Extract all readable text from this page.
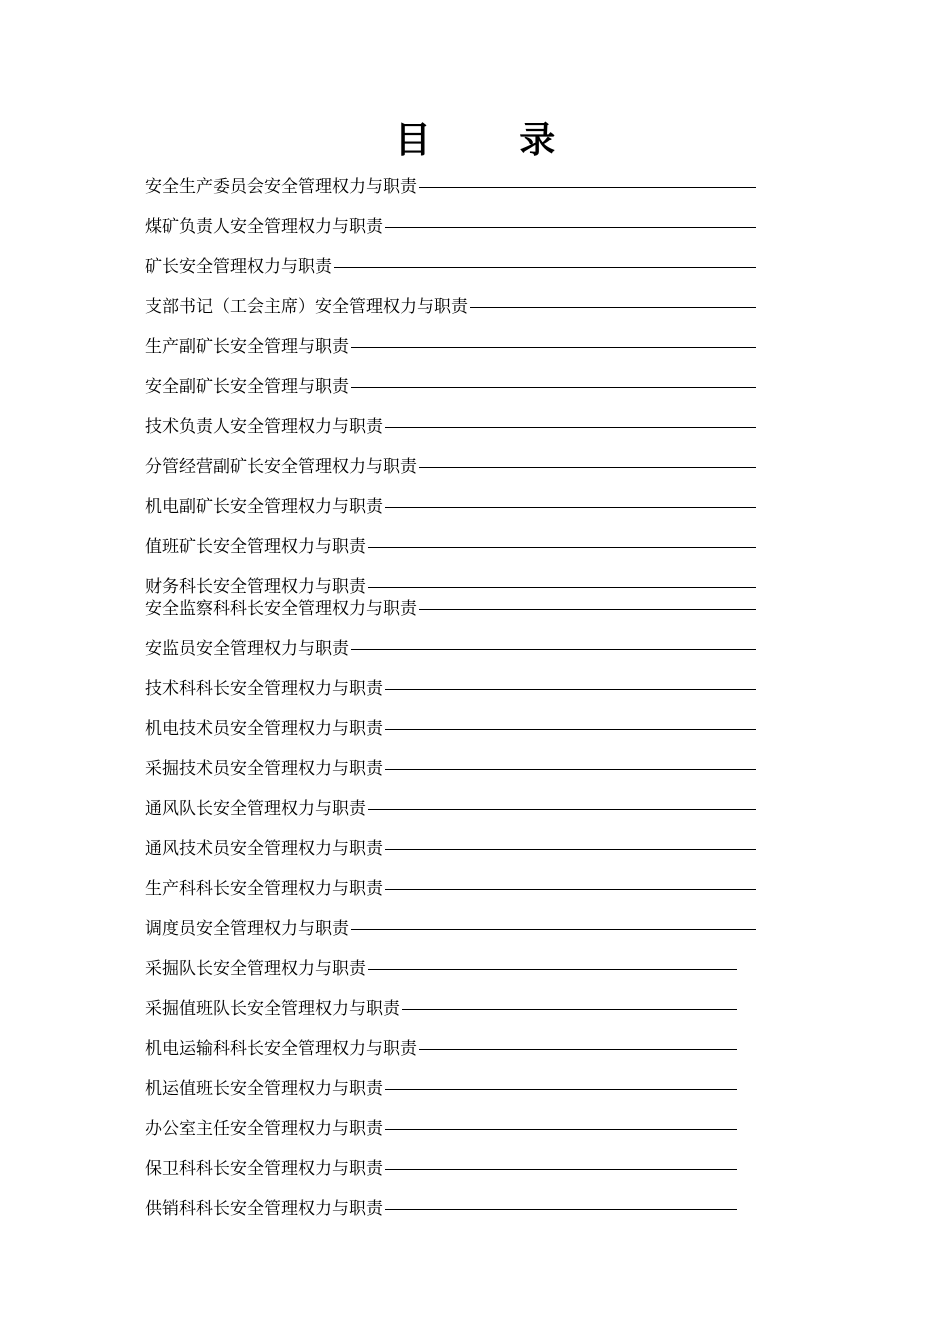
目 录
安全生产委员会安全管理权力与职责
煤矿负责人安全管理权力与职责
矿长安全管理权力与职责
支部书记（工会主席）安全管理权力与职责
生产副矿长安全管理与职责
安全副矿长安全管理与职责
技术负责人安全管理权力与职责
分管经营副矿长安全管理权力与职责
机电副矿长安全管理权力与职责
值班矿长安全管理权力与职责
财务科长安全管理权力与职责
安全监察科科长安全管理权力与职责
安监员安全管理权力与职责
技术科科长安全管理权力与职责
机电技术员安全管理权力与职责
采掘技术员安全管理权力与职责
通风队长安全管理权力与职责
通风技术员安全管理权力与职责
生产科科长安全管理权力与职责
调度员安全管理权力与职责
采掘队长安全管理权力与职责
采掘值班队长安全管理权力与职责
机电运输科科长安全管理权力与职责
机运值班长安全管理权力与职责
办公室主任安全管理权力与职责
保卫科科长安全管理权力与职责
供销科科长安全管理权力与职责
